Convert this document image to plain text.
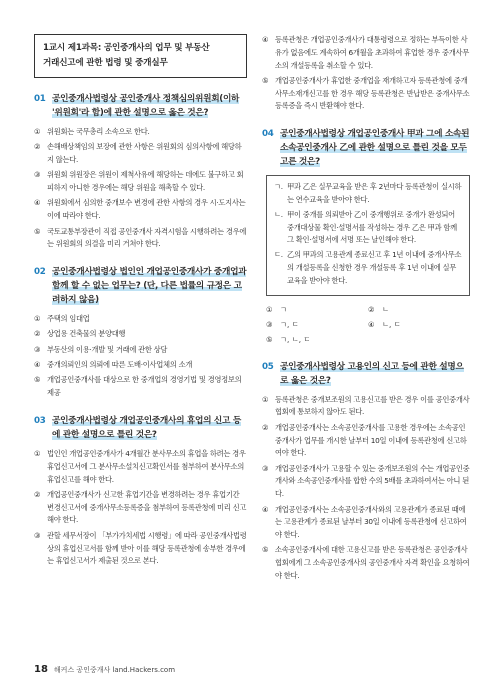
1교시 제1과목: 공인중개사의 업무 및 부동산
거래신고에 관한 법령 및 중개실무
01 공인중개사법령상 공인중개사 정책심의위원회(이하 '위원회'라 함)에 관한 설명으로 옳은 것은?
① 위원회는 국무총리 소속으로 한다.
② 손해배상책임의 보장에 관한 사항은 위원회의 심의사항에 해당하지 않는다.
③ 위원회 위원장은 위원이 제척사유에 해당하는 데에도 불구하고 회피하지 아니한 경우에는 해당 위원을 해촉할 수 있다.
④ 위원회에서 심의한 중개보수 변경에 관한 사항의 경우 시·도지사는 이에 따라야 한다.
⑤ 국토교통부장관이 직접 공인중개사 자격시험을 시행하려는 경우에는 위원회의 의결을 미리 거쳐야 한다.
02 공인중개사법령상 법인인 개업공인중개사가 중개업과 함께 할 수 없는 업무는? (단, 다른 법률의 규정은 고려하지 않음)
① 주택의 임대업
② 상업용 건축물의 분양대행
③ 부동산의 이용·개발 및 거래에 관한 상담
④ 중개의뢰인의 의뢰에 따른 도배·이사업체의 소개
⑤ 개업공인중개사를 대상으로 한 중개업의 경영기법 및 경영정보의 제공
03 공인중개사법령상 개업공인중개사의 휴업의 신고 등에 관한 설명으로 틀린 것은?
① 법인인 개업공인중개사가 4개월간 분사무소의 휴업을 하려는 경우 휴업신고서에 그 분사무소설치신고확인서를 첨부하여 분사무소의 휴업신고를 해야 한다.
② 개업공인중개사가 신고한 휴업기간을 변경하려는 경우 휴업기간 변경신고서에 중개사무소등록증을 첨부하여 등록관청에 미리 신고해야 한다.
③ 관할 세무서장이 「부가가치세법 시행령」에 따라 공인중개사법령상의 휴업신고서를 함께 받아 이를 해당 등록관청에 송부한 경우에는 휴업신고서가 제출된 것으로 본다.
④ 등록관청은 개업공인중개사가 대통령령으로 정하는 부득이한 사유가 없음에도 계속하여 6개월을 초과하여 휴업한 경우 중개사무소의 개설등록을 취소할 수 있다.
⑤ 개업공인중개사가 휴업한 중개업을 재개하고자 등록관청에 중개사무소재개신고를 한 경우 해당 등록관청은 반납받은 중개사무소등록증을 즉시 반환해야 한다.
04 공인중개사법령상 개업공인중개사 甲과 그에 소속된 소속공인중개사 乙에 관한 설명으로 틀린 것을 모두 고른 것은?
ㄱ. 甲과 乙은 실무교육을 받은 후 2년마다 등록관청이 실시하는 연수교육을 받아야 한다.
ㄴ. 甲이 중개를 의뢰받아 乙이 중개행위로 중개가 완성되어 중개대상물 확인·설명서를 작성하는 경우 乙은 甲과 함께 그 확인·설명서에 서명 또는 날인해야 한다.
ㄷ. 乙의 甲과의 고용관계 종료신고 후 1년 이내에 중개사무소의 개설등록을 신청한 경우 개설등록 후 1년 이내에 실무교육을 받아야 한다.
①	ㄱ	②	ㄴ
③	ㄱ, ㄷ	④	ㄴ, ㄷ
⑤	ㄱ, ㄴ, ㄷ
05 공인중개사법령상 고용인의 신고 등에 관한 설명으로 옳은 것은?
① 등록관청은 중개보조원의 고용신고를 받은 경우 이를 공인중개사협회에 통보하지 않아도 된다.
② 개업공인중개사는 소속공인중개사를 고용한 경우에는 소속공인중개사가 업무를 개시한 날부터 10일 이내에 등록관청에 신고하여야 한다.
③ 개업공인중개사가 고용할 수 있는 중개보조원의 수는 개업공인중개사와 소속공인중개사를 합한 수의 5배를 초과하여서는 아니 된다.
④ 개업공인중개사는 소속공인중개사와의 고용관계가 종료된 때에는 고용관계가 종료된 날부터 30일 이내에 등록관청에 신고하여야 한다.
⑤ 소속공인중개사에 대한 고용신고를 받은 등록관청은 공인중개사협회에게 그 소속공인중개사의 공인중개사 자격 확인을 요청하여야 한다.
18 해커스 공인중개사 land.Hackers.com
